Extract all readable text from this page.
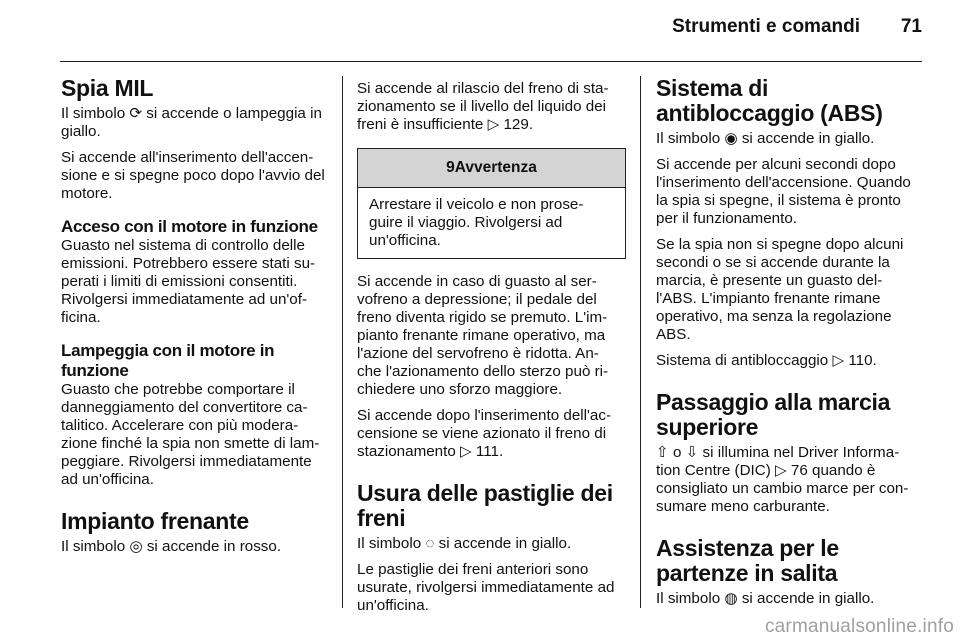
Strumenti e comandi 71
Spia MIL

Il simbolo ⟳ si accende o lampeggia in giallo.

Si accende all'inserimento dell'accen- sione e si spegne poco dopo l'avvio del motore.

Acceso con il motore in funzione

Guasto nel sistema di controllo delle emissioni. Potrebbero essere stati su- perati i limiti di emissioni consentiti. Rivolgersi immediatamente ad un'of- ficina.

Lampeggia con il motore in funzione

Guasto che potrebbe comportare il danneggiamento del convertitore ca- talitico. Accelerare con più modera- zione finché la spia non smette di lam- peggiare. Rivolgersi immediatamente ad un'officina.

Impianto frenante

Il simbolo ◎ si accende in rosso.

Si accende al rilascio del freno di sta- zionamento se il livello del liquido dei freni è insufficiente ▷ 129.

9Avvertenza

Arrestare il veicolo e non prose- guire il viaggio. Rivolgersi ad un'officina.

Si accende in caso di guasto al ser- vofreno a depressione; il pedale del freno diventa rigido se premuto. L'im- pianto frenante rimane operativo, ma l'azione del servofreno è ridotta. An- che l'azionamento dello sterzo può ri- chiedere uno sforzo maggiore.

Si accende dopo l'inserimento dell'ac- censione se viene azionato il freno di stazionamento ▷ 111.

Usura delle pastiglie dei freni

Il simbolo ◌ si accende in giallo.

Le pastiglie dei freni anteriori sono usurate, rivolgersi immediatamente ad un'officina.

Sistema di antibloccaggio (ABS)

Il simbolo ◉ si accende in giallo.

Si accende per alcuni secondi dopo l'inserimento dell'accensione. Quando la spia si spegne, il sistema è pronto per il funzionamento.

Se la spia non si spegne dopo alcuni secondi o se si accende durante la marcia, è presente un guasto del- l'ABS. L'impianto frenante rimane operativo, ma senza la regolazione ABS.

Sistema di antibloccaggio ▷ 110.

Passaggio alla marcia superiore

⇧ o ⇩ si illumina nel Driver Informa- tion Centre (DIC) ▷ 76 quando è consigliato un cambio marce per con- sumare meno carburante.

Assistenza per le partenze in salita

Il simbolo ◍ si accende in giallo.

carmanualsonline.info
